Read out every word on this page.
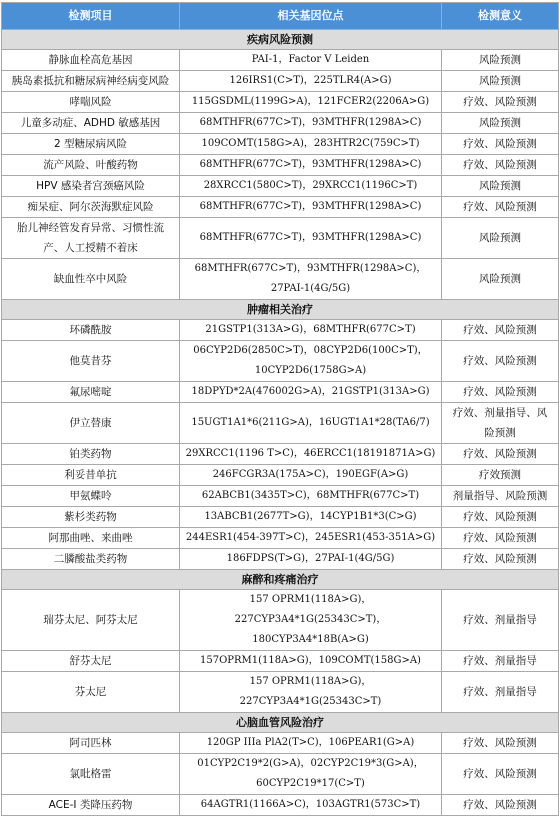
检测项目	相关基因位点	检测意义
疾病风险预测		

静脉血栓高危基因	PAI-1，Factor V Leiden	风险预测

胰岛素抵抗和糖尿病神经病变风险	126IRS1(C>T)，225TLR4(A>G)	风险预测

哮喘风险	115GSDML(1199G>A)，121FCER2(2206A>G)	疗效、风险预测

儿童多动症、ADHD 敏感基因	68MTHFR(677C>T)，93MTHFR(1298A>C)	风险预测

2 型糖尿病风险	109COMT(158G>A)，283HTR2C(759C>T)	疗效、风险预测

流产风险、叶酸药物	68MTHFR(677C>T)，93MTHFR(1298A>C)	疗效、风险预测

HPV 感染者宫颈癌风险	28XRCC1(580C>T)，29XRCC1(1196C>T)	风险预测

痴呆症、阿尔茨海默症风险	68MTHFR(677C>T)，93MTHFR(1298A>C)	疗效、风险预测

胎儿神经管发育异常、习惯性流
产、人工授精不着床	68MTHFR(677C>T)，93MTHFR(1298A>C)	风险预测

缺血性卒中风险	68MTHFR(677C>T)，93MTHFR(1298A>C)，
27PAI-1(4G/5G)	风险预测

肿瘤相关治疗		

环磷酰胺	21GSTP1(313A>G)，68MTHFR(677C>T)	疗效、风险预测

他莫昔芬	06CYP2D6(2850C>T)，08CYP2D6(100C>T)，
10CYP2D6(1758G>A)	疗效、风险预测

氟尿嘧啶	18DPYD*2A(476002G>A)，21GSTP1(313A>G)	疗效、风险预测

伊立替康	15UGT1A1*6(211G>A)，16UGT1A1*28(TA6/7)	疗效、剂量指导、风
险预测

铂类药物	29XRCC1(1196 T>C)，46ERCC1(18191871A>G)	疗效、风险预测

利妥昔单抗	246FCGR3A(175A>C)，190EGF(A>G)	疗效预测

甲氨蝶呤	62ABCB1(3435T>C)，68MTHFR(677C>T)	剂量指导、风险预测

紫杉类药物	13ABCB1(2677T>G)，14CYP1B1*3(C>G)	疗效、风险预测

阿那曲唑、来曲唑	244ESR1(454-397T>C)，245ESR1(453-351A>G)	疗效、风险预测

二膦酸盐类药物	186FDPS(T>G)，27PAI-1(4G/5G)	疗效、风险预测

麻醉和疼痛治疗		

瑞芬太尼、阿芬太尼	157 OPRM1(118A>G)，
227CYP3A4*1G(25343C>T)，
180CYP3A4*18B(A>G)	疗效、剂量指导

舒芬太尼	157OPRM1(118A>G)，109COMT(158G>A)	疗效、剂量指导

芬太尼	157 OPRM1(118A>G)，
227CYP3A4*1G(25343C>T)	疗效、剂量指导

心脑血管风险治疗		

阿司匹林	120GP IIIa PlA2(T>C)，106PEAR1(G>A)	疗效、风险预测

氯吡格雷	01CYP2C19*2(G>A)，02CYP2C19*3(G>A)，
60CYP2C19*17(C>T)	疗效、风险预测

ACE-I 类降压药物	64AGTR1(1166A>C)，103AGTR1(573C>T)	疗效、风险预测
